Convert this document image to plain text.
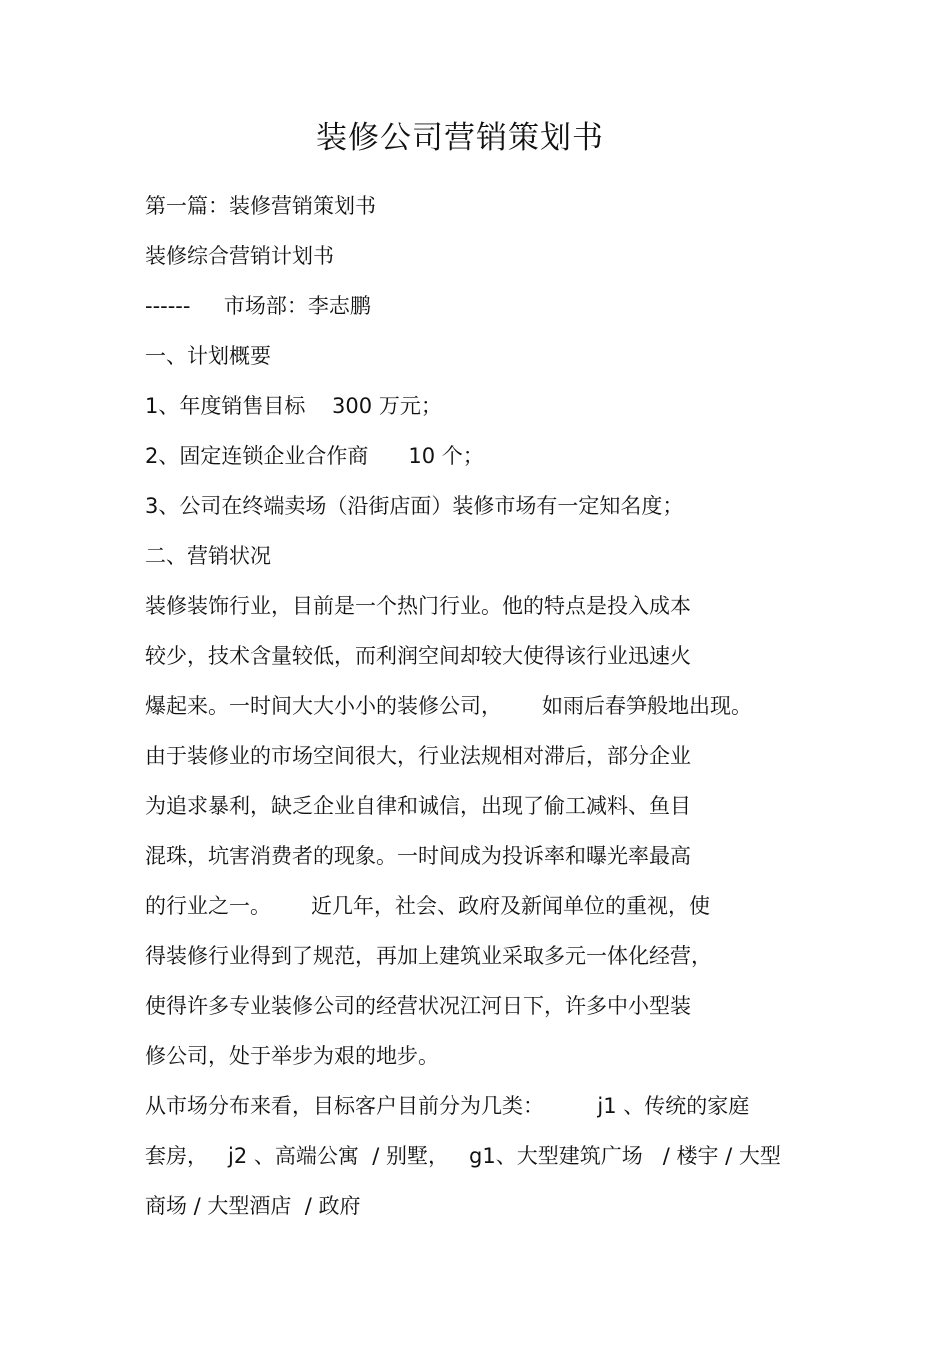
装修公司营销策划书
第一篇：装修营销策划书
装修综合营销计划书
------     市场部：李志鹏
一、计划概要
1、年度销售目标    300 万元；
2、固定连锁企业合作商      10 个；
3、公司在终端卖场（沿街店面）装修市场有一定知名度；
二、营销状况
装修装饰行业，目前是一个热门行业。他的特点是投入成本
较少，技术含量较低，而利润空间却较大使得该行业迅速火
爆起来。一时间大大小小的装修公司，      如雨后春笋般地出现。
由于装修业的市场空间很大，行业法规相对滞后，部分企业
为追求暴利，缺乏企业自律和诚信，出现了偷工减料、鱼目
混珠，坑害消费者的现象。一时间成为投诉率和曝光率最高
的行业之一。      近几年，社会、政府及新闻单位的重视，使
得装修行业得到了规范，再加上建筑业采取多元一体化经营，
使得许多专业装修公司的经营状况江河日下，许多中小型装
修公司，处于举步为艰的地步。
从市场分布来看，目标客户目前分为几类：        j1 、传统的家庭
套房，   j2 、高端公寓  / 别墅，   g1、大型建筑广场   / 楼宇 / 大型
商场 / 大型酒店  / 政府
